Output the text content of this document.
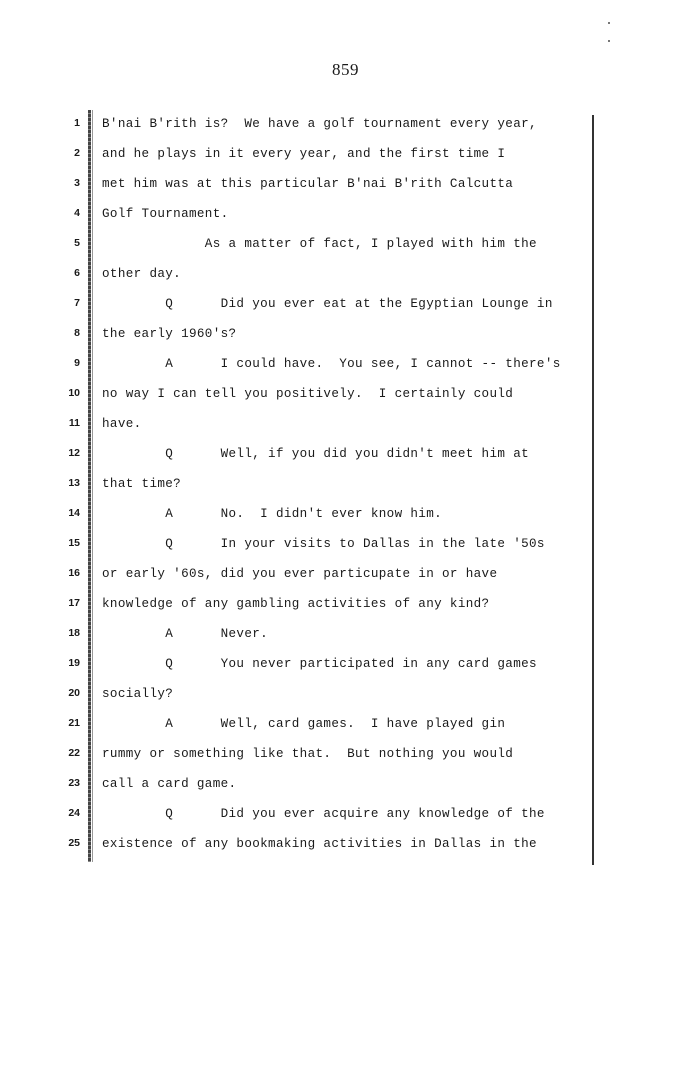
859
1
2
3
4
5
6
7
8
9
10
11
12
13
14
15
16
17
18
19
20
21
22
23
24
25
B'nai B'rith is?  We have a golf tournament every year,
and he plays in it every year, and the first time I
met him was at this particular B'nai B'rith Calcutta
Golf Tournament.
As a matter of fact, I played with him the
other day.
Q      Did you ever eat at the Egyptian Lounge in
the early 1960's?
A      I could have.  You see, I cannot -- there's
no way I can tell you positively.  I certainly could
have.
Q      Well, if you did you didn't meet him at
that time?
A      No.  I didn't ever know him.
Q      In your visits to Dallas in the late '50s
or early '60s, did you ever particupate in or have
knowledge of any gambling activities of any kind?
A      Never.
Q      You never participated in any card games
socially?
A      Well, card games.  I have played gin
rummy or something like that.  But nothing you would
call a card game.
Q      Did you ever acquire any knowledge of the
existence of any bookmaking activities in Dallas in the
